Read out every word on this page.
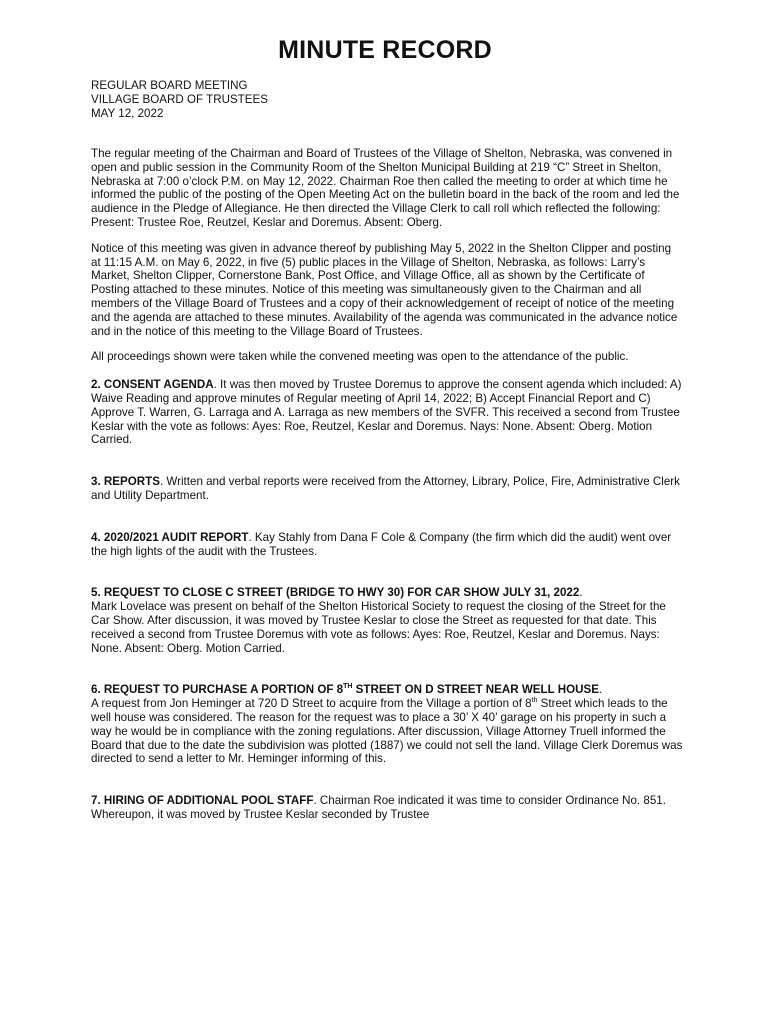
MINUTE RECORD
REGULAR BOARD MEETING
VILLAGE BOARD OF TRUSTEES
MAY 12, 2022

The regular meeting of the Chairman and Board of Trustees of the Village of Shelton, Nebraska, was convened in open and public session in the Community Room of the Shelton Municipal Building at 219 “C” Street in Shelton, Nebraska at 7:00 o’clock P.M. on May 12, 2022. Chairman Roe then called the meeting to order at which time he informed the public of the posting of the Open Meeting Act on the bulletin board in the back of the room and led the audience in the Pledge of Allegiance. He then directed the Village Clerk to call roll which reflected the following: Present: Trustee Roe, Reutzel, Keslar and Doremus. Absent: Oberg.

Notice of this meeting was given in advance thereof by publishing May 5, 2022 in the Shelton Clipper and posting at 11:15 A.M. on May 6, 2022, in five (5) public places in the Village of Shelton, Nebraska, as follows: Larry’s Market, Shelton Clipper, Cornerstone Bank, Post Office, and Village Office, all as shown by the Certificate of Posting attached to these minutes. Notice of this meeting was simultaneously given to the Chairman and all members of the Village Board of Trustees and a copy of their acknowledgement of receipt of notice of the meeting and the agenda are attached to these minutes. Availability of the agenda was communicated in the advance notice and in the notice of this meeting to the Village Board of Trustees.

All proceedings shown were taken while the convened meeting was open to the attendance of the public.

2. CONSENT AGENDA. It was then moved by Trustee Doremus to approve the consent agenda which included: A) Waive Reading and approve minutes of Regular meeting of April 14, 2022; B) Accept Financial Report and C) Approve T. Warren, G. Larraga and A. Larraga as new members of the SVFR. This received a second from Trustee Keslar with the vote as follows: Ayes: Roe, Reutzel, Keslar and Doremus. Nays: None. Absent: Oberg. Motion Carried.

3. REPORTS. Written and verbal reports were received from the Attorney, Library, Police, Fire, Administrative Clerk and Utility Department.

4. 2020/2021 AUDIT REPORT. Kay Stahly from Dana F Cole & Company (the firm which did the audit) went over the high lights of the audit with the Trustees.

5. REQUEST TO CLOSE C STREET (BRIDGE TO HWY 30) FOR CAR SHOW JULY 31, 2022.

Mark Lovelace was present on behalf of the Shelton Historical Society to request the closing of the Street for the Car Show. After discussion, it was moved by Trustee Keslar to close the Street as requested for that date. This received a second from Trustee Doremus with vote as follows: Ayes: Roe, Reutzel, Keslar and Doremus. Nays: None. Absent: Oberg. Motion Carried.

6. REQUEST TO PURCHASE A PORTION OF 8TH STREET ON D STREET NEAR WELL HOUSE.

A request from Jon Heminger at 720 D Street to acquire from the Village a portion of 8th Street which leads to the well house was considered. The reason for the request was to place a 30’ X 40’ garage on his property in such a way he would be in compliance with the zoning regulations. After discussion, Village Attorney Truell informed the Board that due to the date the subdivision was plotted (1887) we could not sell the land. Village Clerk Doremus was directed to send a letter to Mr. Heminger informing of this.

7. HIRING OF ADDITIONAL POOL STAFF. Chairman Roe indicated it was time to consider Ordinance No. 851. Whereupon, it was moved by Trustee Keslar seconded by Trustee
